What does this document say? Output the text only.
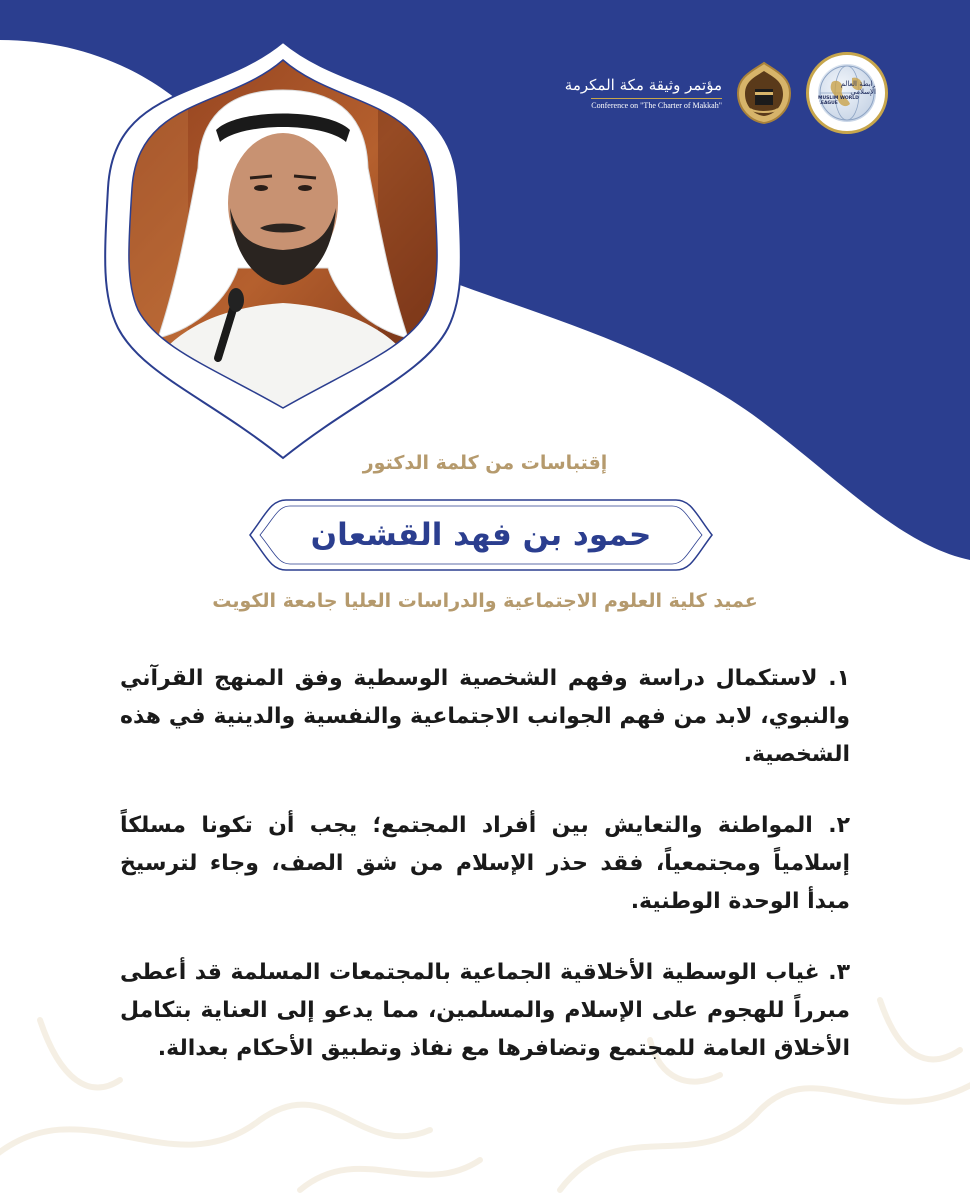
رابطة العالم الإسلامي
MUSLIM WORLD LEAGUE
مؤتمر وثيقة مكة المكرمة
Conference on "The Charter of Makkah"
إقتباسات من كلمة الدكتور
حمود بن فهد القشعان
عميد كلية العلوم الاجتماعية والدراسات العليا جامعة الكويت

١. لاستكمال دراسة وفهم الشخصية الوسطية وفق المنهج القرآني والنبوي، لابد من فهم الجوانب الاجتماعية والنفسية والدينية في هذه الشخصية.

٢. المواطنة والتعايش بين أفراد المجتمع؛ يجب أن تكونا مسلكاً إسلامياً ومجتمعياً، فقد حذر الإسلام من شق الصف، وجاء لترسيخ مبدأ الوحدة الوطنية.

٣. غياب الوسطية الأخلاقية الجماعية بالمجتمعات المسلمة قد أعطى مبرراً للهجوم على الإسلام والمسلمين، مما يدعو إلى العناية بتكامل الأخلاق العامة للمجتمع وتضافرها مع نفاذ وتطبيق الأحكام بعدالة.
